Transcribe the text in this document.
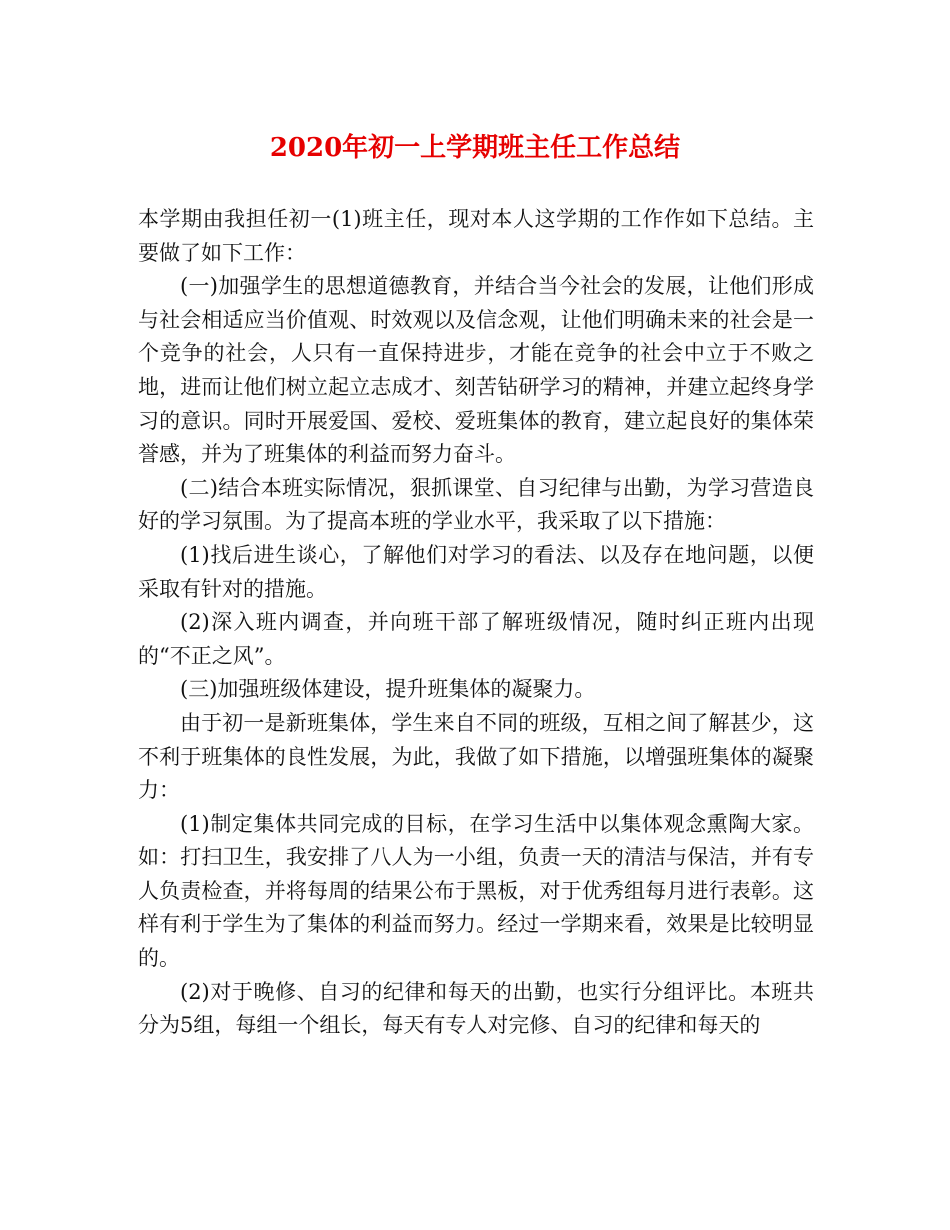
2020年初一上学期班主任工作总结

本学期由我担任初一(1)班主任，现对本人这学期的工作作如下总结。主要做了如下工作：

(一)加强学生的思想道德教育，并结合当今社会的发展，让他们形成与社会相适应当价值观、时效观以及信念观，让他们明确未来的社会是一个竞争的社会，人只有一直保持进步，才能在竞争的社会中立于不败之地，进而让他们树立起立志成才、刻苦钻研学习的精神，并建立起终身学习的意识。同时开展爱国、爱校、爱班集体的教育，建立起良好的集体荣誉感，并为了班集体的利益而努力奋斗。

(二)结合本班实际情况，狠抓课堂、自习纪律与出勤，为学习营造良好的学习氛围。为了提高本班的学业水平，我采取了以下措施：

(1)找后进生谈心，了解他们对学习的看法、以及存在地问题，以便采取有针对的措施。

(2)深入班内调查，并向班干部了解班级情况，随时纠正班内出现的“不正之风”。

(三)加强班级体建设，提升班集体的凝聚力。

由于初一是新班集体，学生来自不同的班级，互相之间了解甚少，这不利于班集体的良性发展，为此，我做了如下措施，以增强班集体的凝聚力：

(1)制定集体共同完成的目标，在学习生活中以集体观念熏陶大家。如：打扫卫生，我安排了八人为一小组，负责一天的清洁与保洁，并有专人负责检查，并将每周的结果公布于黑板，对于优秀组每月进行表彰。这样有利于学生为了集体的利益而努力。经过一学期来看，效果是比较明显的。

(2)对于晚修、自习的纪律和每天的出勤，也实行分组评比。本班共分为5组，每组一个组长，每天有专人对完修、自习的纪律和每天的
